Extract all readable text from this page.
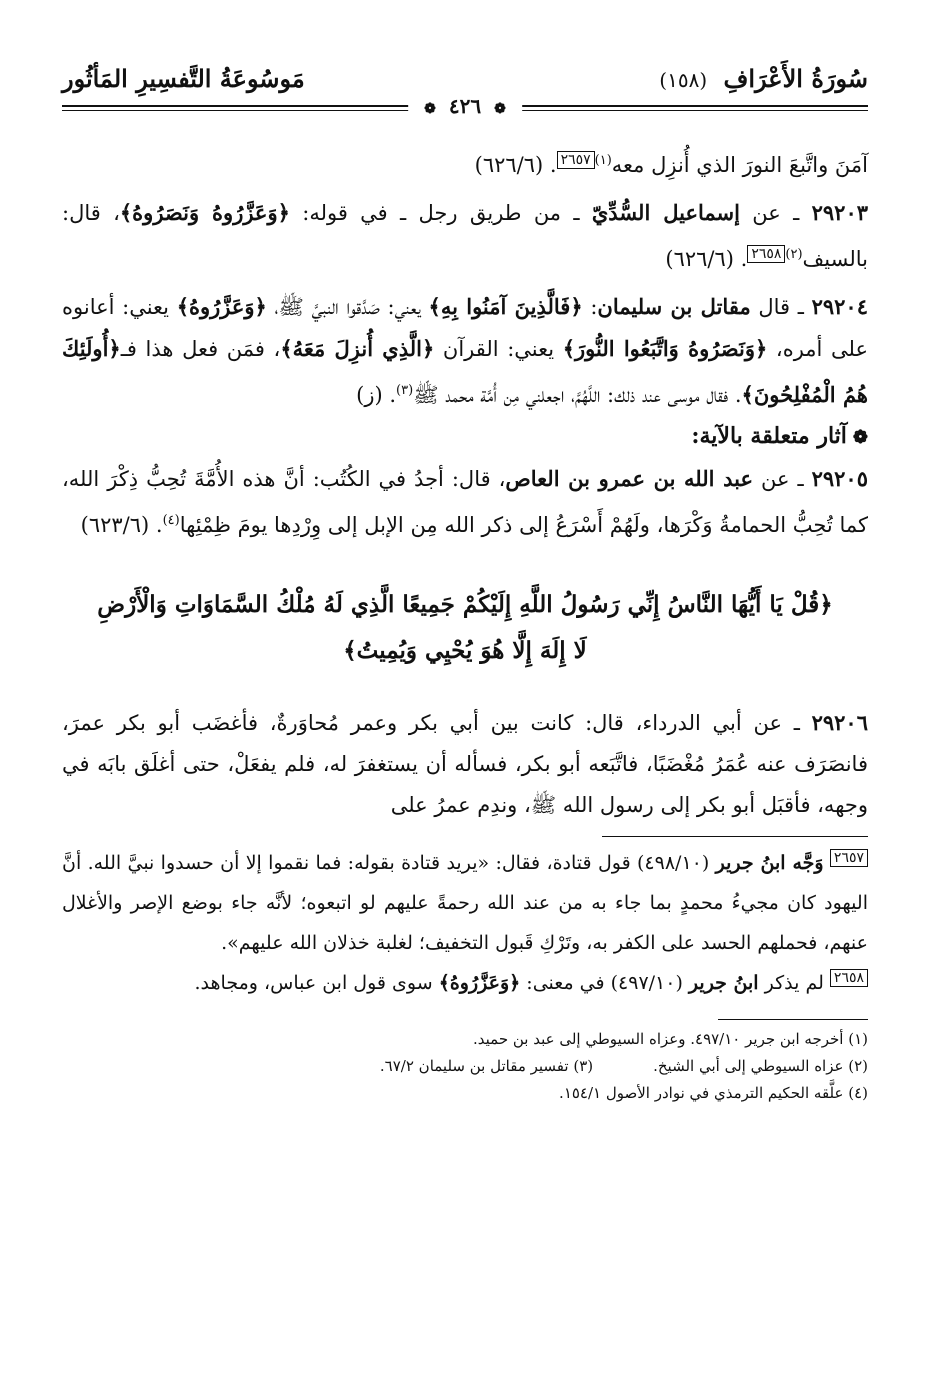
سُورَةُ الأَعْرَافِ (١٥٨)
مَوسُوعَةُ التَّفسِيرِ المَأثُور
❁ ٤٢٦ ❁

آمَنَ واتَّبعَ النورَ الذي أُنزِل معه$^{(١)}$٢٦٥٧. (٦٢٦/٦)

٢٩٢٠٣ ـ عن إسماعيل السُّدِّيّ ـ من طريق رجل ـ في قوله: ﴿وَعَزَّرُوهُ وَنَصَرُوهُ﴾، قال: بالسيف$^{(٢)}$٢٦٥٨. (٦٢٦/٦)

٢٩٢٠٤ ـ قال مقاتل بن سليمان: ﴿فَالَّذِينَ آمَنُوا بِهِ﴾ يعني: صَدَّقوا النبيَّ ﷺ، ﴿وَعَزَّرُوهُ﴾ يعني: أعانوه على أمره، ﴿وَنَصَرُوهُ وَاتَّبَعُوا النُّورَ﴾ يعني: القرآن ﴿الَّذِي أُنزِلَ مَعَهُ﴾، فمَن فعل هذا فـ﴿أُولَئِكَ هُمُ الْمُفْلِحُونَ﴾. فقال موسى عند ذلك: اللَّهُمَّ، اجعلني مِن أُمَّة محمد ﷺ$^{(٣)}$. (ز)

❁آثار متعلقة بالآية:

٢٩٢٠٥ ـ عن عبد الله بن عمرو بن العاص، قال: أجدُ في الكُتُب: أنَّ هذه الأُمَّةَ تُحِبُّ ذِكْرَ الله، كما تُحِبُّ الحمامةُ وَكْرَها، ولَهُمْ أَسْرَعُ إلى ذكر الله مِن الإبل إلى وِرْدِها يومَ ظِمْئِها$^{(٤)}$. (٦٢٣/٦)

﴿قُلْ يَا أَيُّهَا النَّاسُ إِنِّي رَسُولُ اللَّهِ إِلَيْكُمْ جَمِيعًا الَّذِي لَهُ مُلْكُ السَّمَاوَاتِ وَالْأَرْضِ
لَا إِلَهَ إِلَّا هُوَ يُحْيِي وَيُمِيتُ﴾

٢٩٢٠٦ ـ عن أبي الدرداء، قال: كانت بين أبي بكر وعمر مُحاوَرةٌ، فأغضَب أبو بكر عمرَ، فانصَرَف عنه عُمَرُ مُغْضَبًا، فاتَّبَعه أبو بكر، فسأله أن يستغفرَ له، فلم يفعَلْ، حتى أغلَق بابَه في وجهه، فأقبَل أبو بكر إلى رسول الله ﷺ، وندِم عمرُ على

٢٦٥٧ وَجَّه ابنُ جرير (٤٩٨/١٠) قول قتادة، فقال: «يريد قتادة بقوله: فما نقموا إلا أن حسدوا نبيَّ الله. أنَّ اليهود كان مجيءُ محمدٍ بما جاء به من عند الله رحمةً عليهم لو اتبعوه؛ لأنَّه جاء بوضع الإصر والأغلال عنهم، فحملهم الحسد على الكفر به، وتَرْكِ قَبول التخفيف؛ لغلبة خذلان الله عليهم».

٢٦٥٨ لم يذكر ابنُ جرير (٤٩٧/١٠) في معنى: ﴿وَعَزَّرُوهُ﴾ سوى قول ابن عباس، ومجاهد.

(١) أخرجه ابن جرير ٤٩٧/١٠. وعزاه السيوطي إلى عبد بن حميد.
(٢) عزاه السيوطي إلى أبي الشيخ.
(٣) تفسير مقاتل بن سليمان ٦٧/٢.
(٤) علَّقه الحكيم الترمذي في نوادر الأصول ١٥٤/١.
